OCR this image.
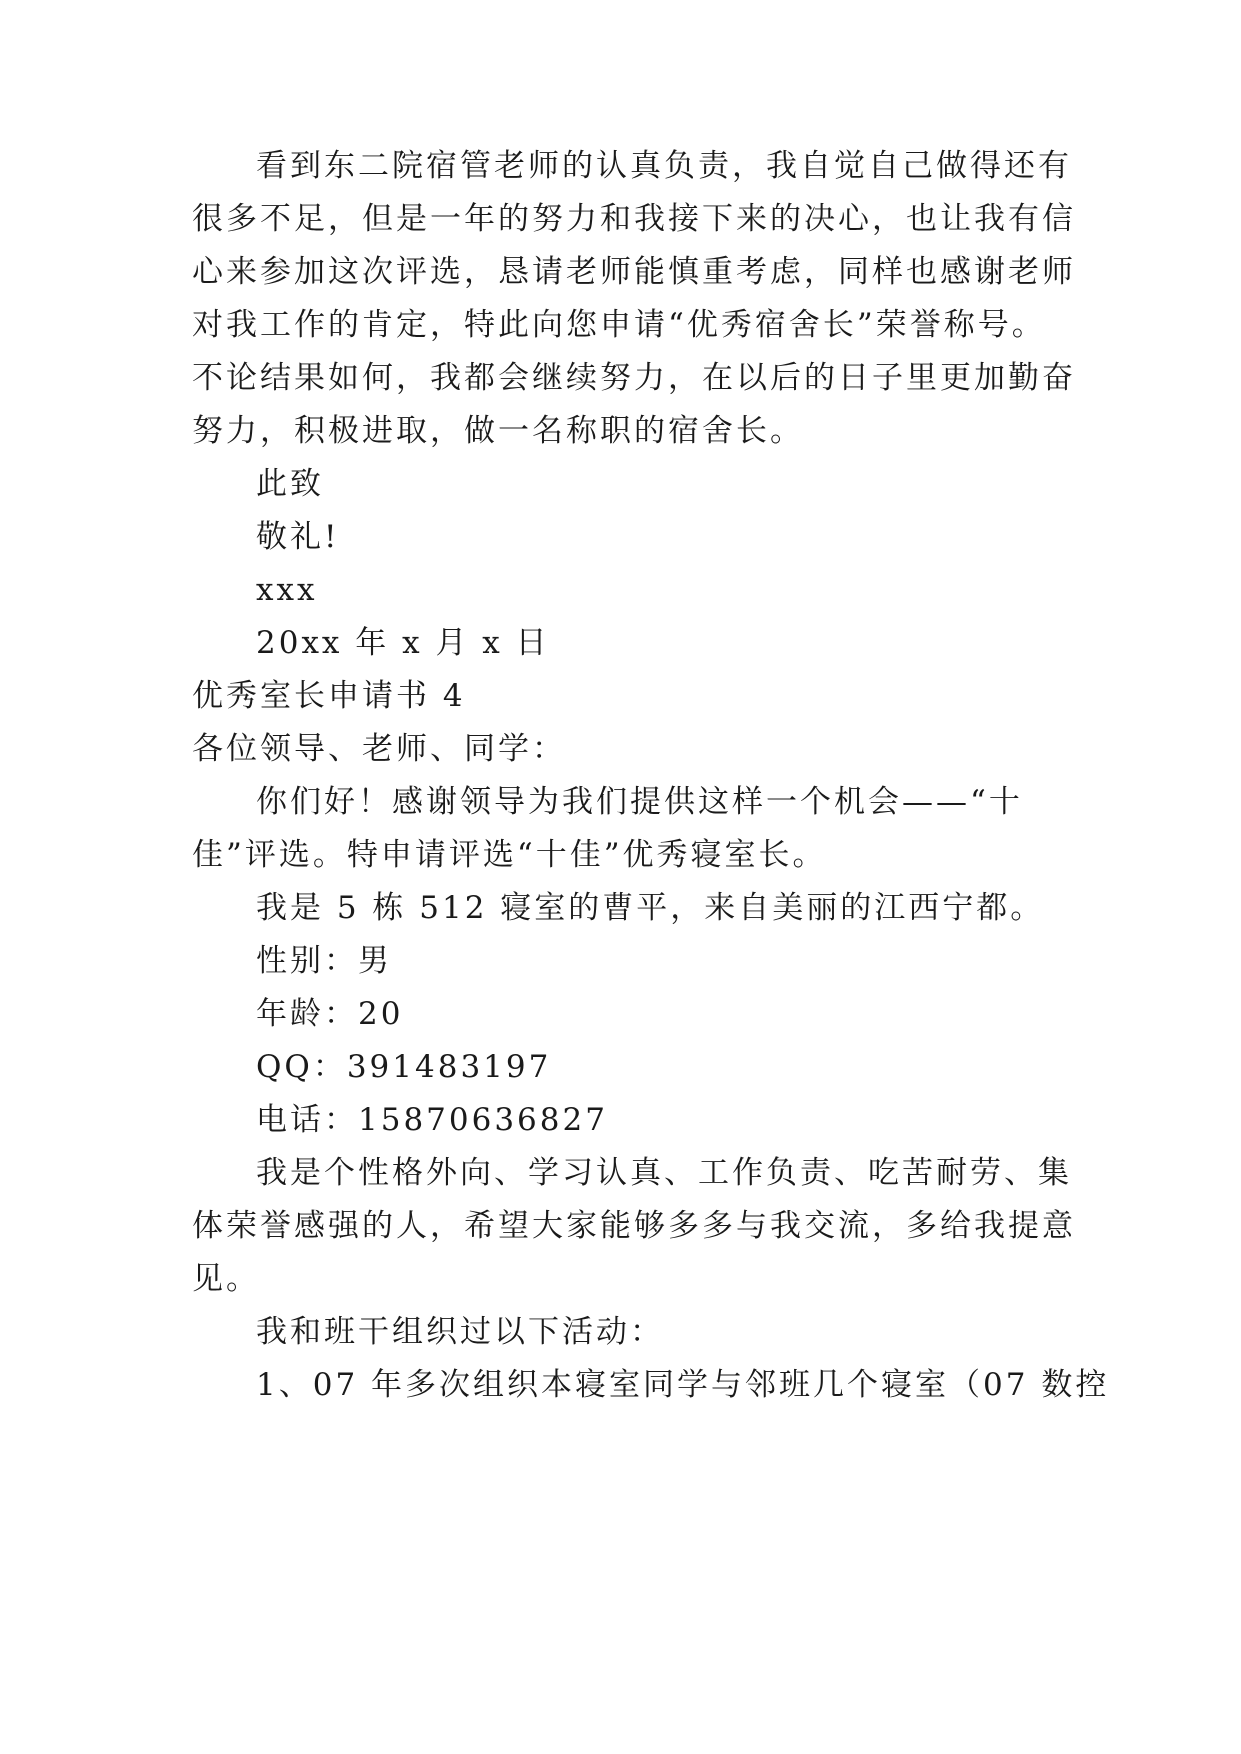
看到东二院宿管老师的认真负责，我自觉自己做得还有
很多不足，但是一年的努力和我接下来的决心，也让我有信
心来参加这次评选，恳请老师能慎重考虑，同样也感谢老师
对我工作的肯定，特此向您申请“优秀宿舍长”荣誉称号。
不论结果如何，我都会继续努力，在以后的日子里更加勤奋
努力，积极进取，做一名称职的宿舍长。
此致
敬礼!
xxx
20xx 年 x 月 x 日
优秀室长申请书 4
各位领导、老师、同学：
你们好！感谢领导为我们提供这样一个机会——“十
佳”评选。特申请评选“十佳”优秀寝室长。
我是 5 栋 512 寝室的曹平，来自美丽的江西宁都。
性别：男
年龄：20
QQ：391483197
电话：15870636827
我是个性格外向、学习认真、工作负责、吃苦耐劳、集
体荣誉感强的人，希望大家能够多多与我交流，多给我提意
见。
我和班干组织过以下活动：
1、07 年多次组织本寝室同学与邻班几个寝室（07 数控
